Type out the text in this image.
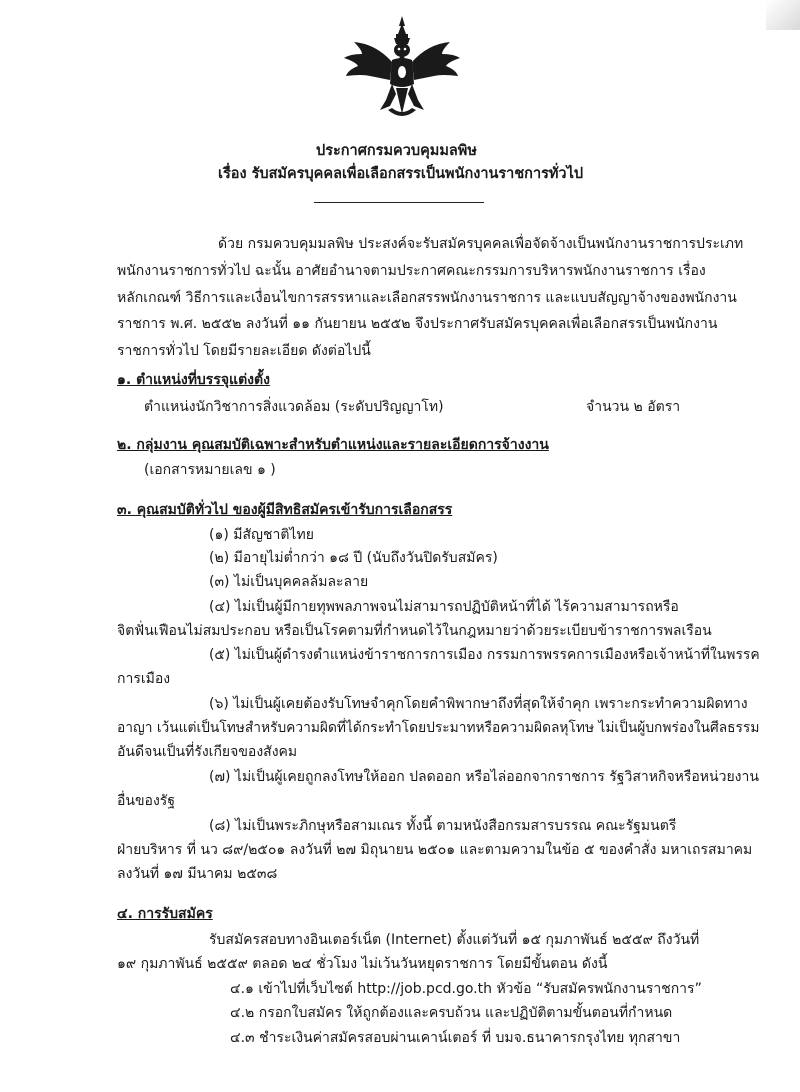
ประกาศกรมควบคุมมลพิษ
เรื่อง รับสมัครบุคคลเพื่อเลือกสรรเป็นพนักงานราชการทั่วไป
ด้วย กรมควบคุมมลพิษ ประสงค์จะรับสมัครบุคคลเพื่อจัดจ้างเป็นพนักงานราชการประเภท
พนักงานราชการทั่วไป ฉะนั้น อาศัยอำนาจตามประกาศคณะกรรมการบริหารพนักงานราชการ เรื่อง
หลักเกณฑ์ วิธีการและเงื่อนไขการสรรหาและเลือกสรรพนักงานราชการ และแบบสัญญาจ้างของพนักงาน
ราชการ พ.ศ. ๒๕๕๒ ลงวันที่ ๑๑ กันยายน ๒๕๕๒ จึงประกาศรับสมัครบุคคลเพื่อเลือกสรรเป็นพนักงาน
ราชการทั่วไป โดยมีรายละเอียด ดังต่อไปนี้
๑. ตำแหน่งที่บรรจุแต่งตั้ง
ตำแหน่งนักวิชาการสิ่งแวดล้อม (ระดับปริญญาโท)	จำนวน ๒ อัตรา
๒. กลุ่มงาน คุณสมบัติเฉพาะสำหรับตำแหน่งและรายละเอียดการจ้างงาน
(เอกสารหมายเลข ๑ )
๓. คุณสมบัติทั่วไป ของผู้มีสิทธิสมัครเข้ารับการเลือกสรร
(๑) มีสัญชาติไทย
(๒) มีอายุไม่ต่ำกว่า ๑๘ ปี (นับถึงวันปิดรับสมัคร)
(๓) ไม่เป็นบุคคลล้มละลาย
(๔) ไม่เป็นผู้มีกายทุพพลภาพจนไม่สามารถปฏิบัติหน้าที่ได้ ไร้ความสามารถหรือ
จิตฟั่นเฟือนไม่สมประกอบ หรือเป็นโรคตามที่กำหนดไว้ในกฎหมายว่าด้วยระเบียบข้าราชการพลเรือน
(๕) ไม่เป็นผู้ดำรงตำแหน่งข้าราชการการเมือง กรรมการพรรคการเมืองหรือเจ้าหน้าที่ในพรรค
การเมือง
(๖) ไม่เป็นผู้เคยต้องรับโทษจำคุกโดยคำพิพากษาถึงที่สุดให้จำคุก เพราะกระทำความผิดทาง
อาญา เว้นแต่เป็นโทษสำหรับความผิดที่ได้กระทำโดยประมาทหรือความผิดลหุโทษ ไม่เป็นผู้บกพร่องในศีลธรรม
อันดีจนเป็นที่รังเกียจของสังคม
(๗) ไม่เป็นผู้เคยถูกลงโทษให้ออก ปลดออก หรือไล่ออกจากราชการ รัฐวิสาหกิจหรือหน่วยงาน
อื่นของรัฐ
(๘) ไม่เป็นพระภิกษุหรือสามเณร ทั้งนี้ ตามหนังสือกรมสารบรรณ คณะรัฐมนตรี
ฝ่ายบริหาร ที่ นว ๘๙/๒๕๐๑ ลงวันที่ ๒๗ มิถุนายน ๒๕๐๑ และตามความในข้อ ๕ ของคำสั่ง มหาเถรสมาคม
ลงวันที่ ๑๗ มีนาคม ๒๕๓๘
๔. การรับสมัคร
รับสมัครสอบทางอินเตอร์เน็ต (Internet) ตั้งแต่วันที่ ๑๕ กุมภาพันธ์ ๒๕๕๙ ถึงวันที่
๑๙ กุมภาพันธ์ ๒๕๕๙ ตลอด ๒๔ ชั่วโมง ไม่เว้นวันหยุดราชการ โดยมีขั้นตอน ดังนี้
๔.๑ เข้าไปที่เว็บไซต์ http://job.pcd.go.th หัวข้อ “รับสมัครพนักงานราชการ”
๔.๒ กรอกใบสมัคร ให้ถูกต้องและครบถ้วน และปฏิบัติตามขั้นตอนที่กำหนด
๔.๓ ชำระเงินค่าสมัครสอบผ่านเคาน์เตอร์ ที่ บมจ.ธนาคารกรุงไทย ทุกสาขา
